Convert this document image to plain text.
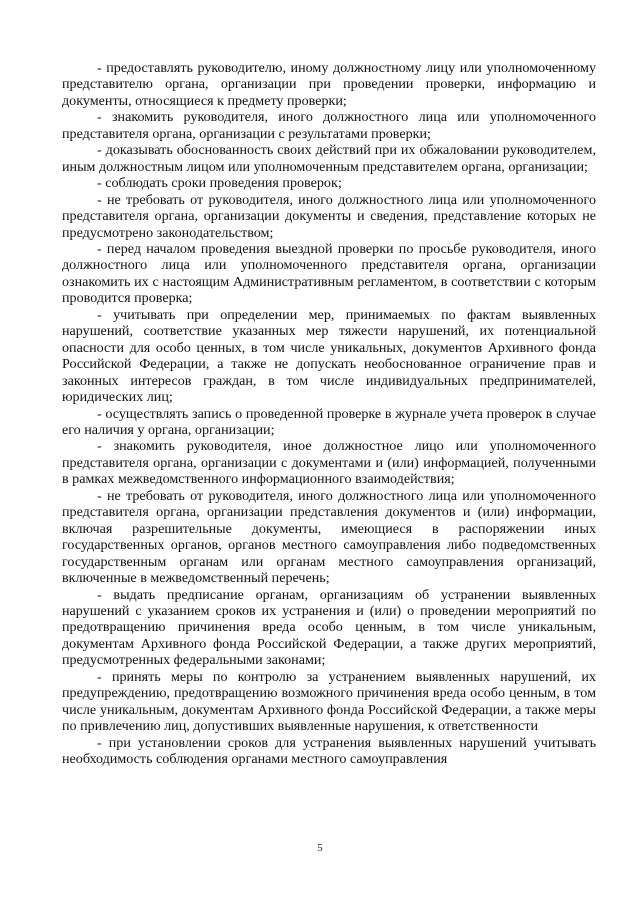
- предоставлять руководителю, иному должностному лицу или уполномоченному представителю органа, организации при проведении проверки, информацию и документы, относящиеся к предмету проверки;

- знакомить руководителя, иного должностного лица или уполномоченного представителя органа, организации с результатами проверки;

- доказывать обоснованность своих действий при их обжаловании руководителем, иным должностным лицом или уполномоченным представителем органа, организации;

- соблюдать сроки проведения проверок;

- не требовать от руководителя, иного должностного лица или уполномоченного представителя органа, организации документы и сведения, представление которых не предусмотрено законодательством;

- перед началом проведения выездной проверки по просьбе руководителя, иного должностного лица или уполномоченного представителя органа, организации ознакомить их с настоящим Административным регламентом, в соответствии с которым проводится проверка;

- учитывать при определении мер, принимаемых по фактам выявленных нарушений, соответствие указанных мер тяжести нарушений, их потенциальной опасности для особо ценных, в том числе уникальных, документов Архивного фонда Российской Федерации, а также не допускать необоснованное ограничение прав и законных интересов граждан, в том числе индивидуальных предпринимателей, юридических лиц;

- осуществлять запись о проведенной проверке в журнале учета проверок в случае его наличия у органа, организации;

- знакомить руководителя, иное должностное лицо или уполномоченного представителя органа, организации с документами и (или) информацией, полученными в рамках межведомственного информационного взаимодействия;

- не требовать от руководителя, иного должностного лица или уполномоченного представителя органа, организации представления документов и (или) информации, включая разрешительные документы, имеющиеся в распоряжении иных государственных органов, органов местного самоуправления либо подведомственных государственным органам или органам местного самоуправления организаций, включенные в межведомственный перечень;

- выдать предписание органам, организациям об устранении выявленных нарушений с указанием сроков их устранения и (или) о проведении мероприятий по предотвращению причинения вреда особо ценным, в том числе уникальным, документам Архивного фонда Российской Федерации, а также других мероприятий, предусмотренных федеральными законами;

- принять меры по контролю за устранением выявленных нарушений, их предупреждению, предотвращению возможного причинения вреда особо ценным, в том числе уникальным, документам Архивного фонда Российской Федерации, а также меры по привлечению лиц, допустивших выявленные нарушения, к ответственности

- при установлении сроков для устранения выявленных нарушений учитывать необходимость соблюдения органами местного самоуправления

5
